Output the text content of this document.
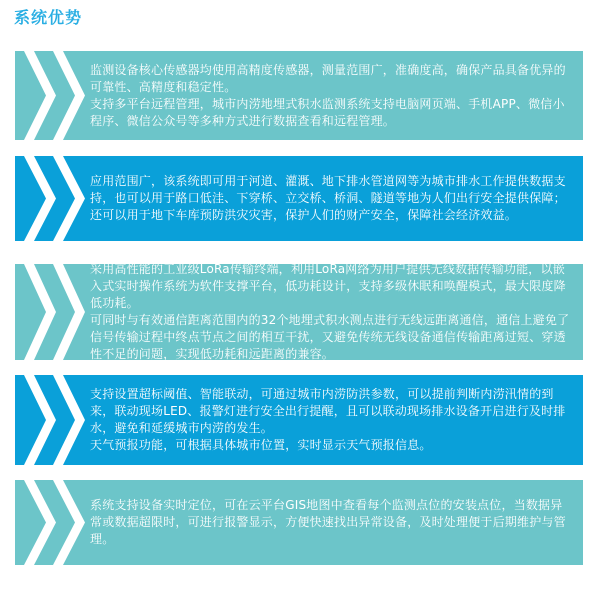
系统优势

监测设备核心传感器均使用高精度传感器，测量范围广，准确度高，确保产品具备优异的可靠性、高精度和稳定性。

支持多平台远程管理，城市内涝地埋式积水监测系统支持电脑网页端、手机APP、微信小程序、微信公众号等多种方式进行数据查看和远程管理。

应用范围广，该系统即可用于河道、灌溉、地下排水管道网等为城市排水工作提供数据支持，也可以用于路口低洼、下穿桥、立交桥、桥洞、隧道等地为人们出行安全提供保障；还可以用于地下车库预防洪灾灾害，保护人们的财产安全，保障社会经济效益。

采用高性能的工业级LoRa传输终端，利用LoRa网络为用户提供无线数据传输功能，以嵌入式实时操作系统为软件支撑平台，低功耗设计，支持多级休眠和唤醒模式，最大限度降低功耗。

可同时与有效通信距离范围内的32个地埋式积水测点进行无线远距离通信，通信上避免了信号传输过程中终点节点之间的相互干扰，又避免传统无线设备通信传输距离过短、穿透性不足的问题，实现低功耗和远距离的兼容。

支持设置超标阈值、智能联动，可通过城市内涝防洪参数，可以提前判断内涝汛情的到来，联动现场LED、报警灯进行安全出行提醒，且可以联动现场排水设备开启进行及时排水，避免和延缓城市内涝的发生。

天气预报功能，可根据具体城市位置，实时显示天气预报信息。

系统支持设备实时定位，可在云平台GIS地图中查看每个监测点位的安装点位，当数据异常或数据超限时，可进行报警显示，方便快速找出异常设备，及时处理便于后期维护与管理。
